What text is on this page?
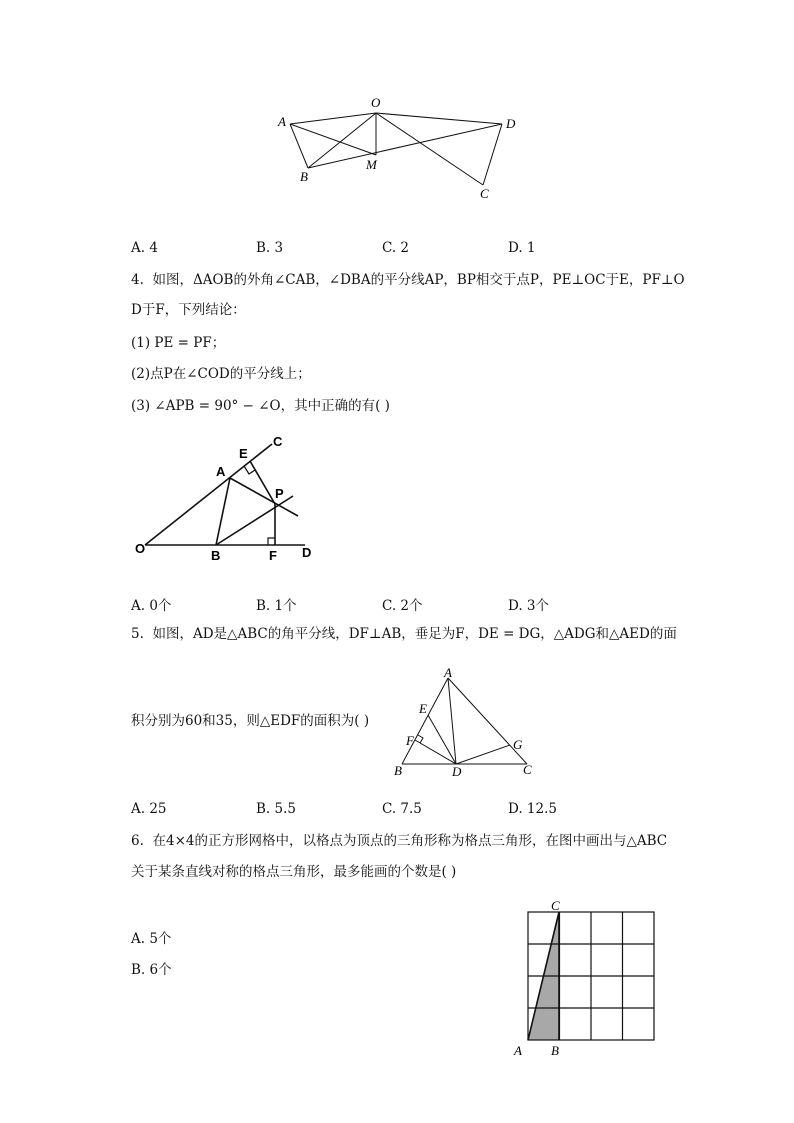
A
O
D
B
M
C
A. 4	B. 3	C. 2	D. 1
4. 如图，ΔAOB的外角∠CAB，∠DBA的平分线AP，BP相交于点P，PE⊥OC于E，PF⊥O
D于F，下列结论：
(1) PE = PF；
(2)点P在∠COD的平分线上；
(3) ∠APB = 90° − ∠O，其中正确的有( )
C
E
A
P
O	B	F D
A. 0个	B. 1个	C. 2个	D. 3个
5. 如图，AD是△ABC的角平分线，DF⊥AB，垂足为F，DE = DG，△ADG和△AED的面
积分别为60和35，则△EDF的面积为( )
A
E
F	G
B	D	C
A. 25	B. 5.5	C. 7.5	D. 12.5
6. 在4×4的正方形网格中，以格点为顶点的三角形称为格点三角形，在图中画出与△ABC
关于某条直线对称的格点三角形，最多能画的个数是( )
A. 5个
B. 6个
C
A B
